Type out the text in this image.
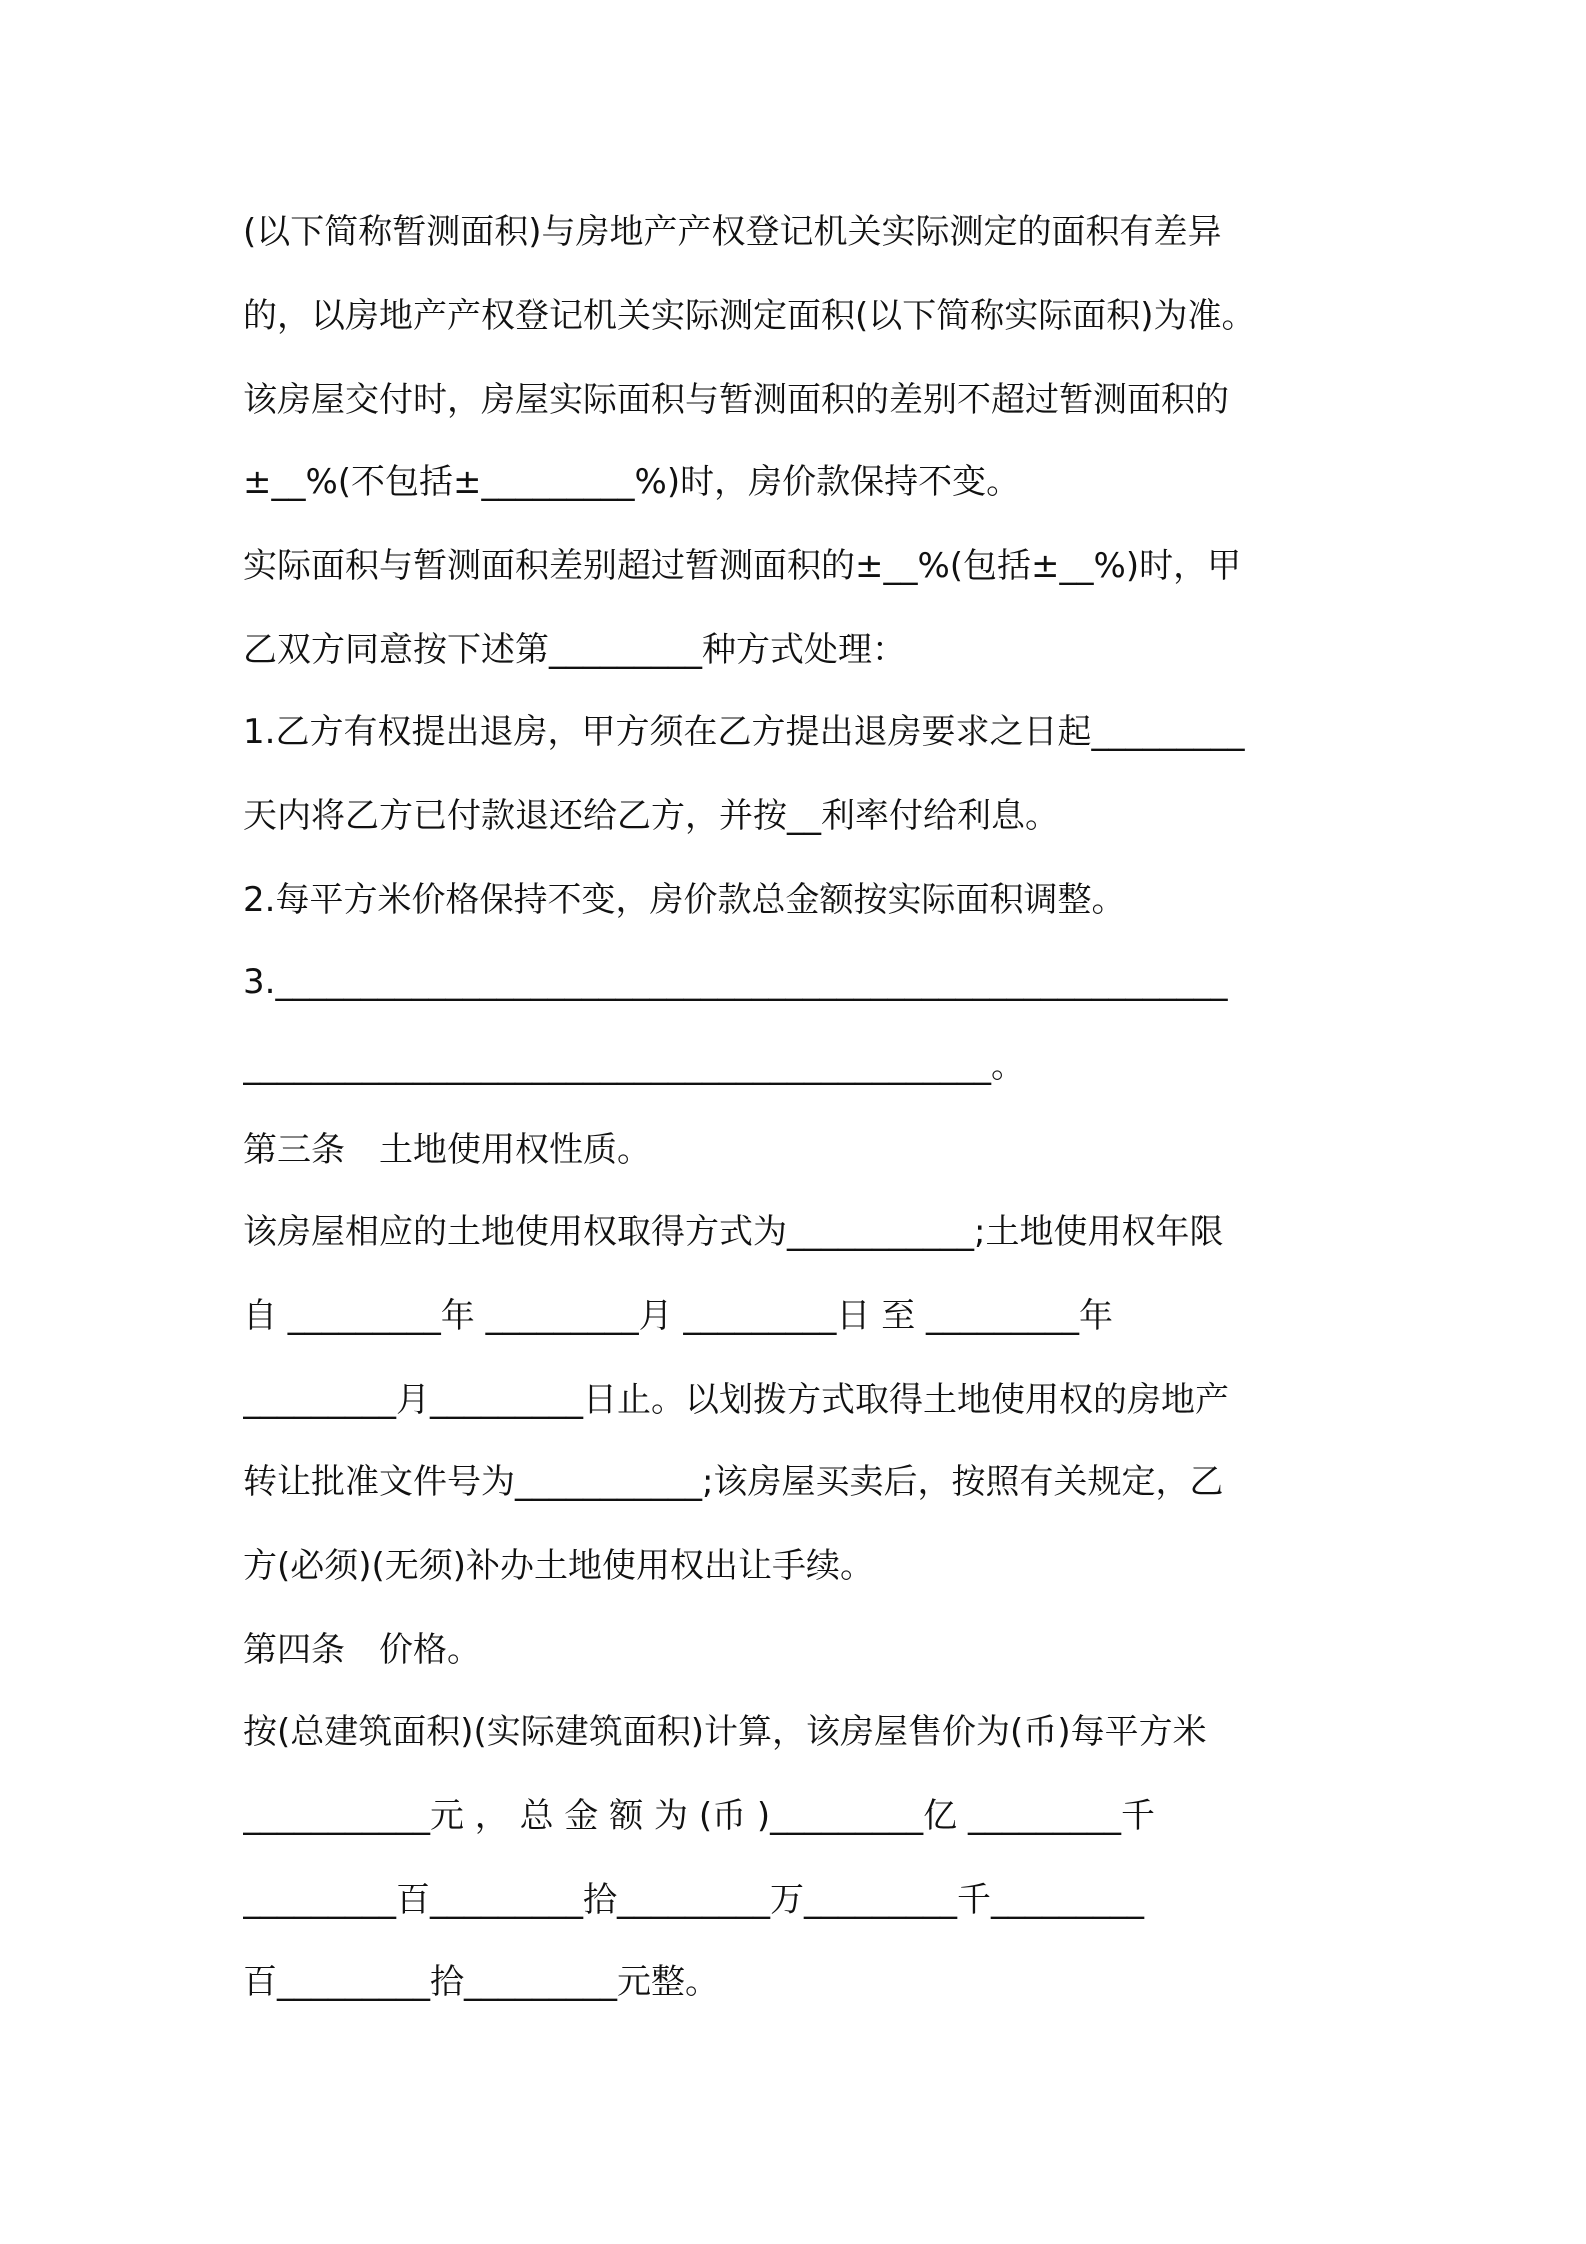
(以下简称暂测面积)与房地产产权登记机关实际测定的面积有差异
的，以房地产产权登记机关实际测定面积(以下简称实际面积)为准。
该房屋交付时，房屋实际面积与暂测面积的差别不超过暂测面积的
±__%(不包括±_________%)时，房价款保持不变。
实际面积与暂测面积差别超过暂测面积的±__%(包括±__%)时，甲
乙双方同意按下述第_________种方式处理：
1.乙方有权提出退房，甲方须在乙方提出退房要求之日起_________
天内将乙方已付款退还给乙方，并按__利率付给利息。
2.每平方米价格保持不变，房价款总金额按实际面积调整。
3.________________________________________________________
____________________________________________。
第三条　土地使用权性质。
该房屋相应的土地使用权取得方式为___________;土地使用权年限
自 _________年 _________月 _________日 至 _________年
_________月_________日止。以划拨方式取得土地使用权的房地产
转让批准文件号为___________;该房屋买卖后，按照有关规定，乙
方(必须)(无须)补办土地使用权出让手续。
第四条　价格。
按(总建筑面积)(实际建筑面积)计算，该房屋售价为(币)每平方米
___________元 ， 总 金 额 为 (币 )_________亿 _________千
_________百_________拾_________万_________千_________
百_________拾_________元整。
